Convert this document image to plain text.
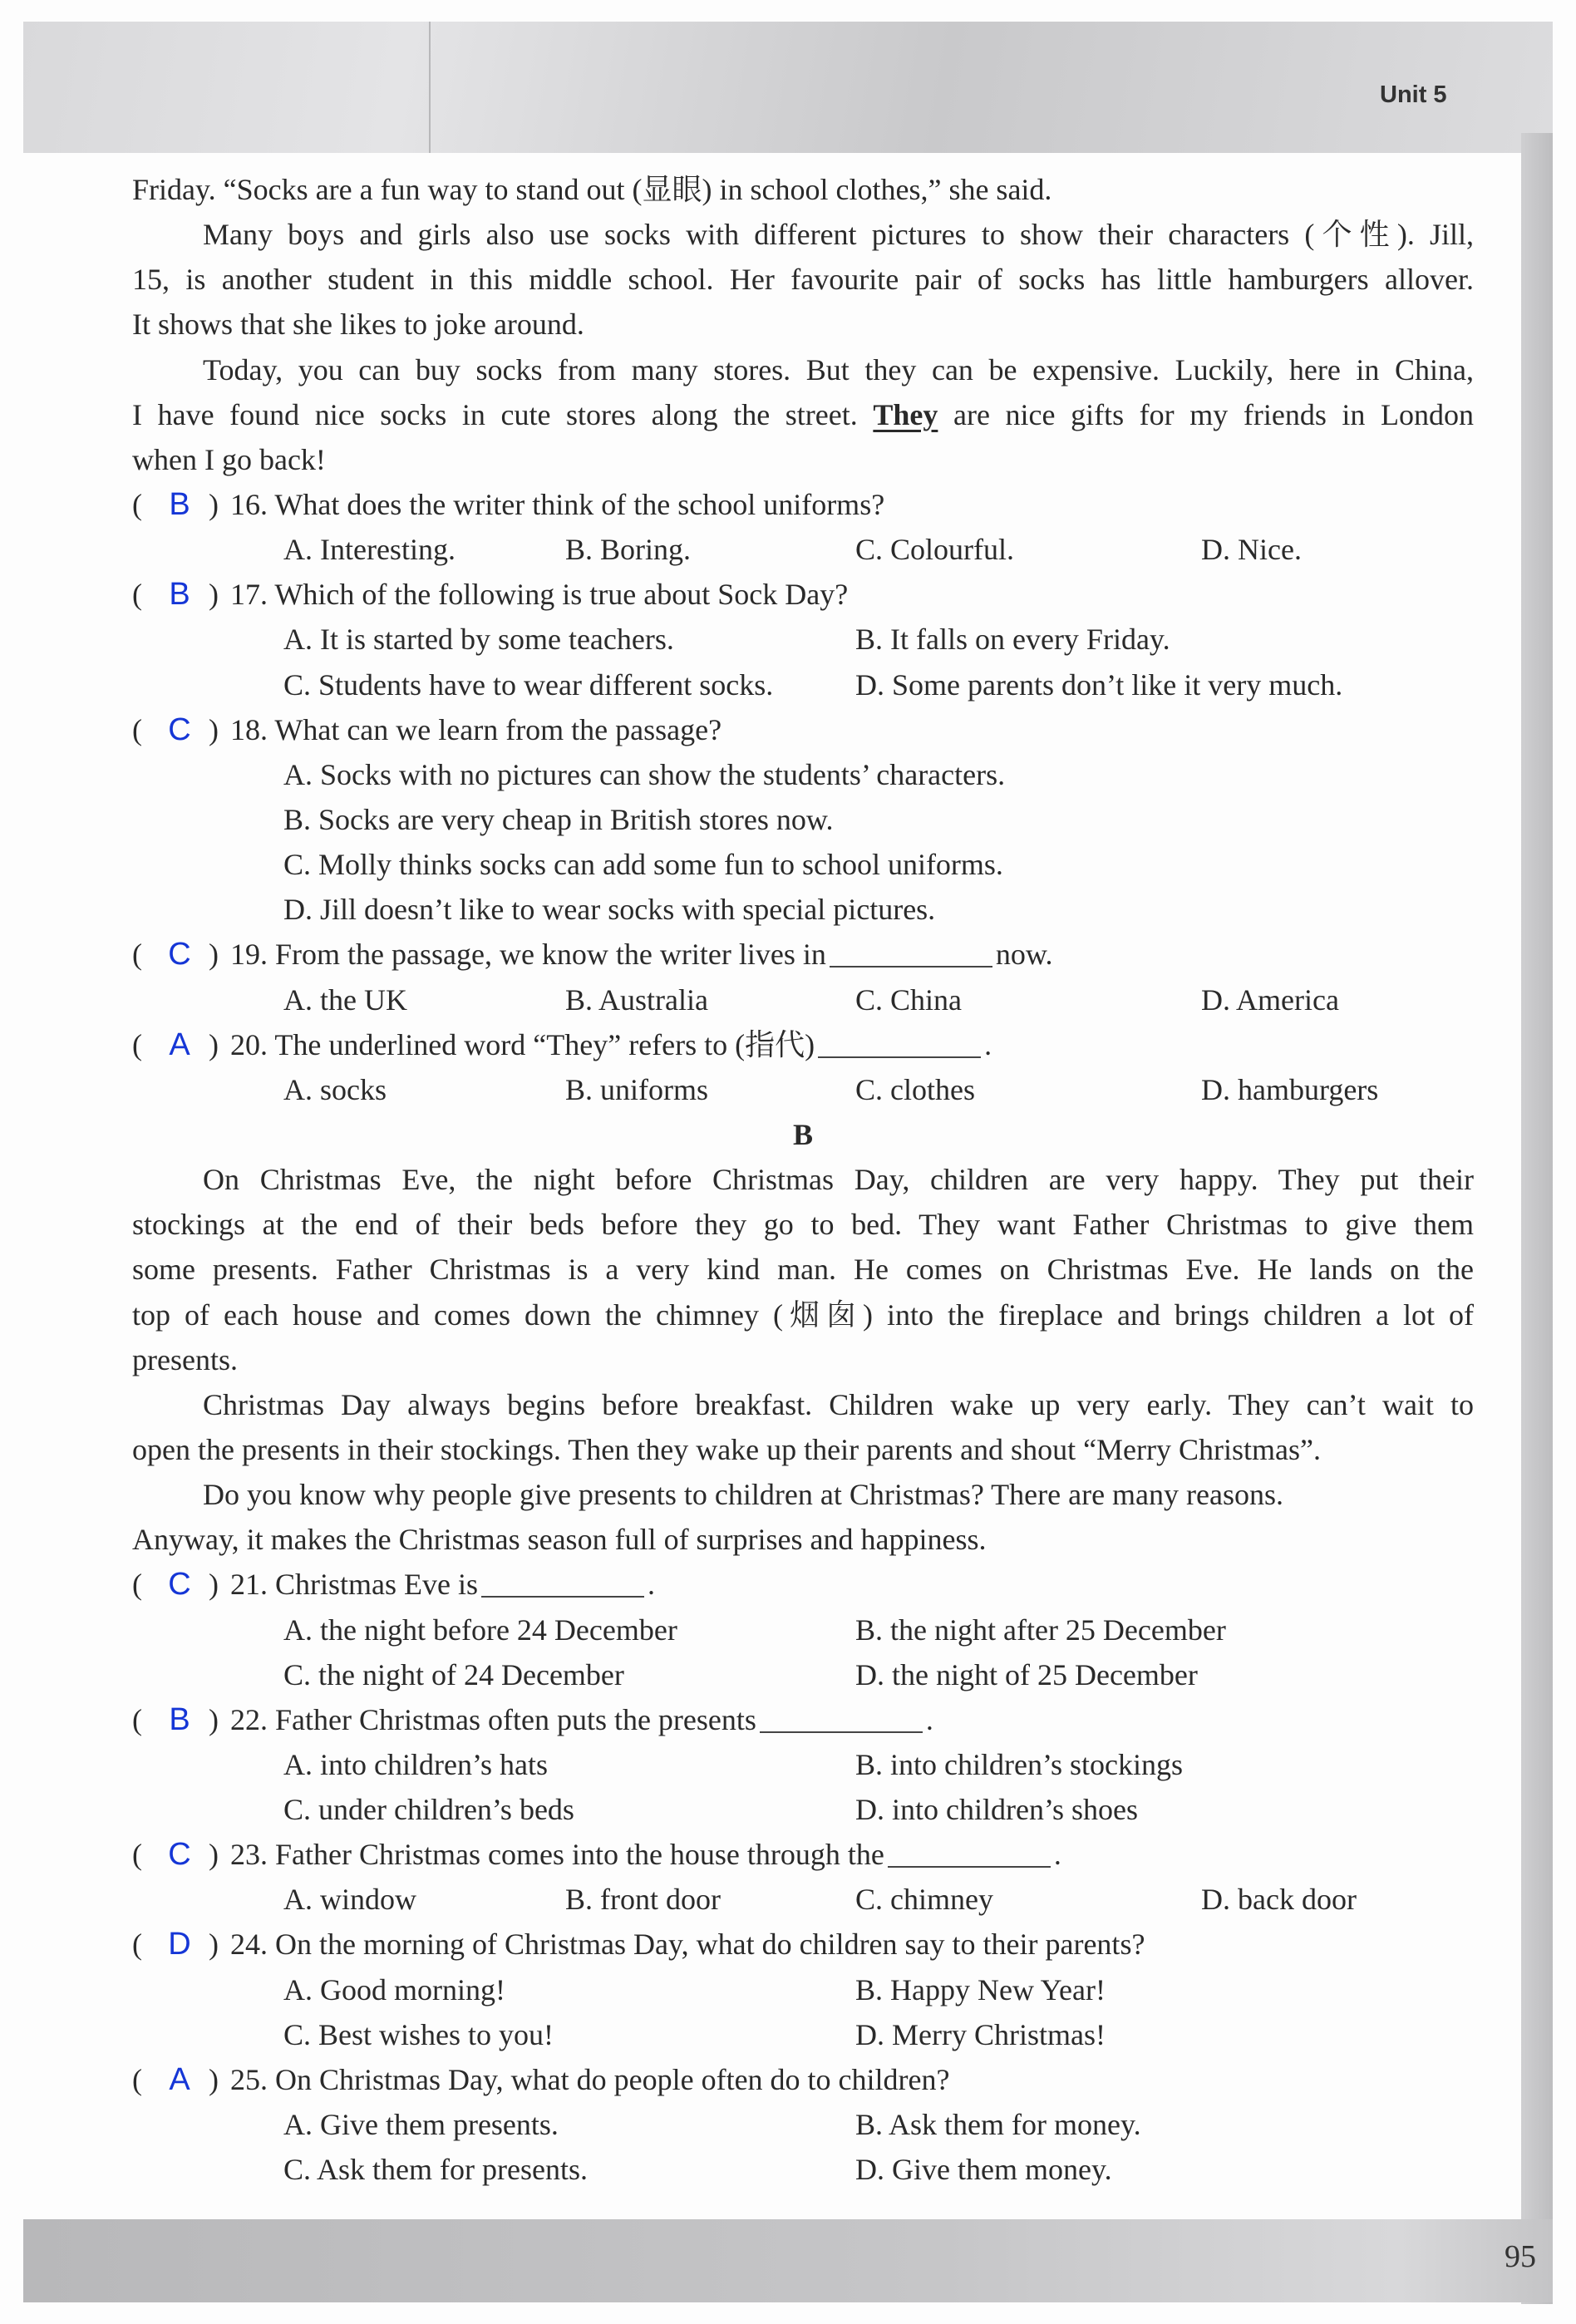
Unit 5
95
Friday. “Socks are a fun way to stand out (显眼) in school clothes,” she said.
Many boys and girls also use socks with different pictures to show their characters (个性). Jill,
15, is another student in this middle school. Her favourite pair of socks has little hamburgers allover.
It shows that she likes to joke around.
Today, you can buy socks from many stores. But they can be expensive. Luckily, here in China,
I have found nice socks in cute stores along the street. They are nice gifts for my friends in London
when I go back!
( B ) 16. What does the writer think of the school uniforms?
A. Interesting.	B. Boring.	C. Colourful.	D. Nice.
( B ) 17. Which of the following is true about Sock Day?
A. It is started by some teachers.	B. It falls on every Friday.
C. Students have to wear different socks.	D. Some parents don’t like it very much.
( C ) 18. What can we learn from the passage?
A. Socks with no pictures can show the students’ characters.
B. Socks are very cheap in British stores now.
C. Molly thinks socks can add some fun to school uniforms.
D. Jill doesn’t like to wear socks with special pictures.
( C ) 19. From the passage, we know the writer lives in	now.
A. the UK	B. Australia	C. China	D. America
( A ) 20. The underlined word “They” refers to (指代)	.
A. socks	B. uniforms	C. clothes	D. hamburgers
B
On Christmas Eve, the night before Christmas Day, children are very happy. They put their
stockings at the end of their beds before they go to bed. They want Father Christmas to give them
some presents. Father Christmas is a very kind man. He comes on Christmas Eve. He lands on the
top of each house and comes down the chimney (烟囱) into the fireplace and brings children a lot of
presents.
Christmas Day always begins before breakfast. Children wake up very early. They can’t wait to
open the presents in their stockings. Then they wake up their parents and shout “Merry Christmas”.
Do you know why people give presents to children at Christmas? There are many reasons.
Anyway, it makes the Christmas season full of surprises and happiness.
( C ) 21. Christmas Eve is	.
A. the night before 24 December	B. the night after 25 December
C. the night of 24 December	D. the night of 25 December
( B ) 22. Father Christmas often puts the presents	.
A. into children’s hats	B. into children’s stockings
C. under children’s beds	D. into children’s shoes
( C ) 23. Father Christmas comes into the house through the	.
A. window	B. front door	C. chimney	D. back door
( D ) 24. On the morning of Christmas Day, what do children say to their parents?
A. Good morning!	B. Happy New Year!
C. Best wishes to you!	D. Merry Christmas!
( A ) 25. On Christmas Day, what do people often do to children?
A. Give them presents.	B. Ask them for money.
C. Ask them for presents.	D. Give them money.
